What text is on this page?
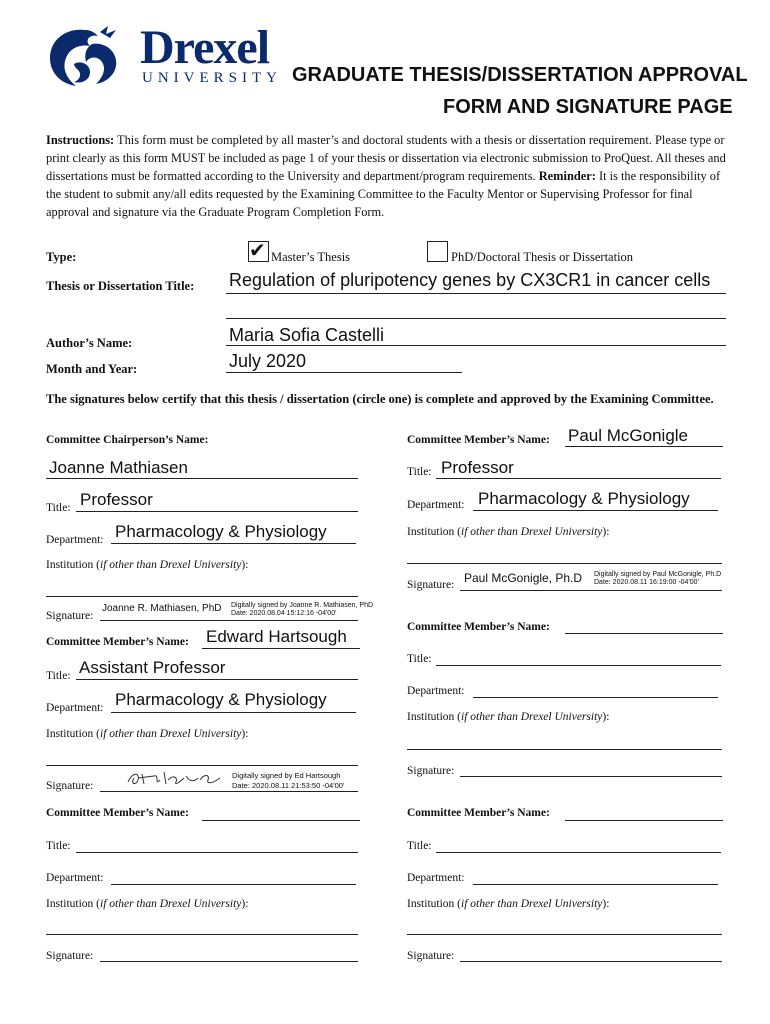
Drexel
UNIVERSITY GRADUATE THESIS/DISSERTATION APPROVAL
FORM AND SIGNATURE PAGE
Instructions: This form must be completed by all master’s and doctoral students with a thesis or dissertation requirement. Please type or print clearly as this form MUST be included as page 1 of your thesis or dissertation via electronic submission to ProQuest. All theses and dissertations must be formatted according to the University and department/program requirements. Reminder: It is the responsibility of the student to submit any/all edits requested by the Examining Committee to the Faculty Mentor or Supervising Professor for final approval and signature via the Graduate Program Completion Form.
Type:	✔ Master’s Thesis	PhD/Doctoral Thesis or Dissertation
Thesis or Dissertation Title: Regulation of pluripotency genes by CX3CR1 in cancer cells
Author’s Name:	Maria Sofia Castelli
Month and Year:	July 2020
The signatures below certify that this thesis / dissertation (circle one) is complete and approved by the Examining Committee.
Committee Chairperson’s Name:
Joanne Mathiasen
Title: Professor
Department: Pharmacology & Physiology
Institution (if other than Drexel University):
Signature:
Joanne R. Mathiasen, PhD Digitally signed by Joanne R. Mathiasen, PhD
Date: 2020.08.04 15:12:16 -04'00'
Committee Member’s Name: Edward Hartsough
Title: Assistant Professor
Department: Pharmacology & Physiology
Institution (if other than Drexel University):
Signature:
Digitally signed by Ed Hartsough
Date: 2020.08.11 21:53:50 -04'00'
Committee Member’s Name:
Title:
Department:
Institution (if other than Drexel University):
Signature:
Committee Member’s Name: Paul McGonigle
Title: Professor
Department: Pharmacology & Physiology
Institution (if other than Drexel University):
Signature: Paul McGonigle, Ph.D Digitally signed by Paul McGonigle, Ph.D
Date: 2020.08.11 16:19:00 -04'00'
Committee Member’s Name:
Title:
Department:
Institution (if other than Drexel University):
Signature:
Committee Member’s Name:
Title:
Department:
Institution (if other than Drexel University):
Signature:
